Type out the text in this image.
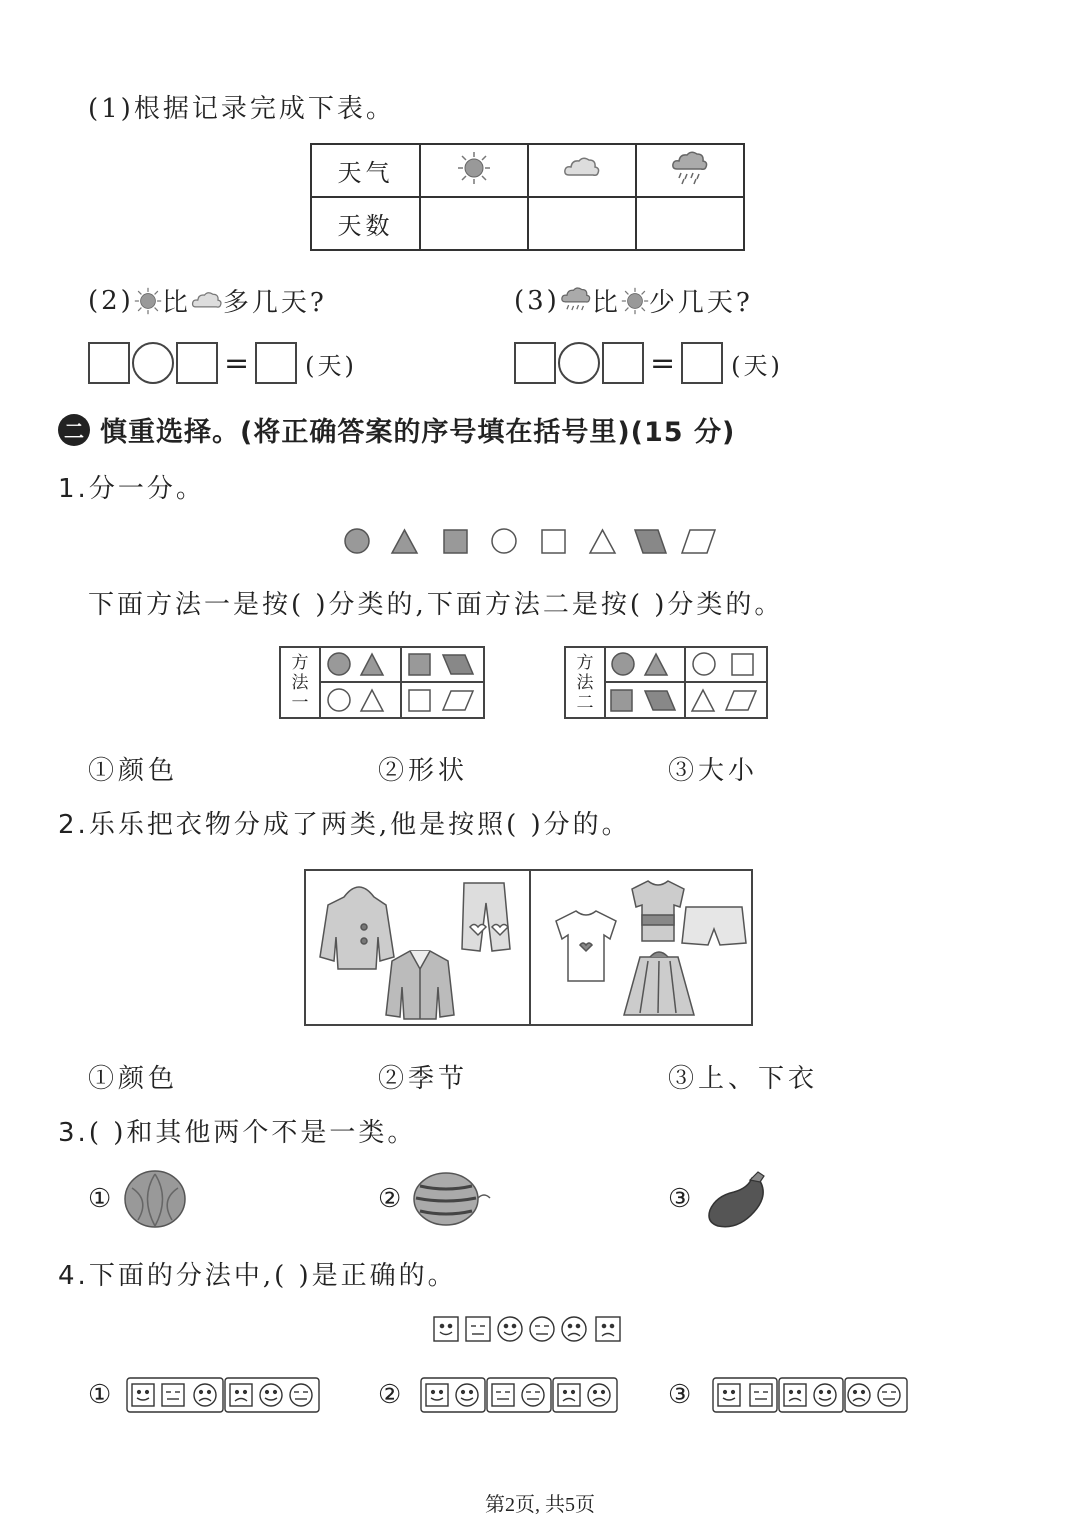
(1)根据记录完成下表。
天气			
天数			
(2) 比 多几天?	(3) 比 少几天?
= (天)	= (天)
二 慎重选择。(将正确答案的序号填在括号里)(15 分)
1.分一分。
下面方法一是按( )分类的,下面方法二是按( )分类的。
方
法
一
方
法
二
①颜色	②形状	③大小
2.乐乐把衣物分成了两类,他是按照( )分的。
①颜色	②季节	③上、下衣
3.( )和其他两个不是一类。
①	②	③
4.下面的分法中,( )是正确的。
①	②	③
第2页, 共5页
